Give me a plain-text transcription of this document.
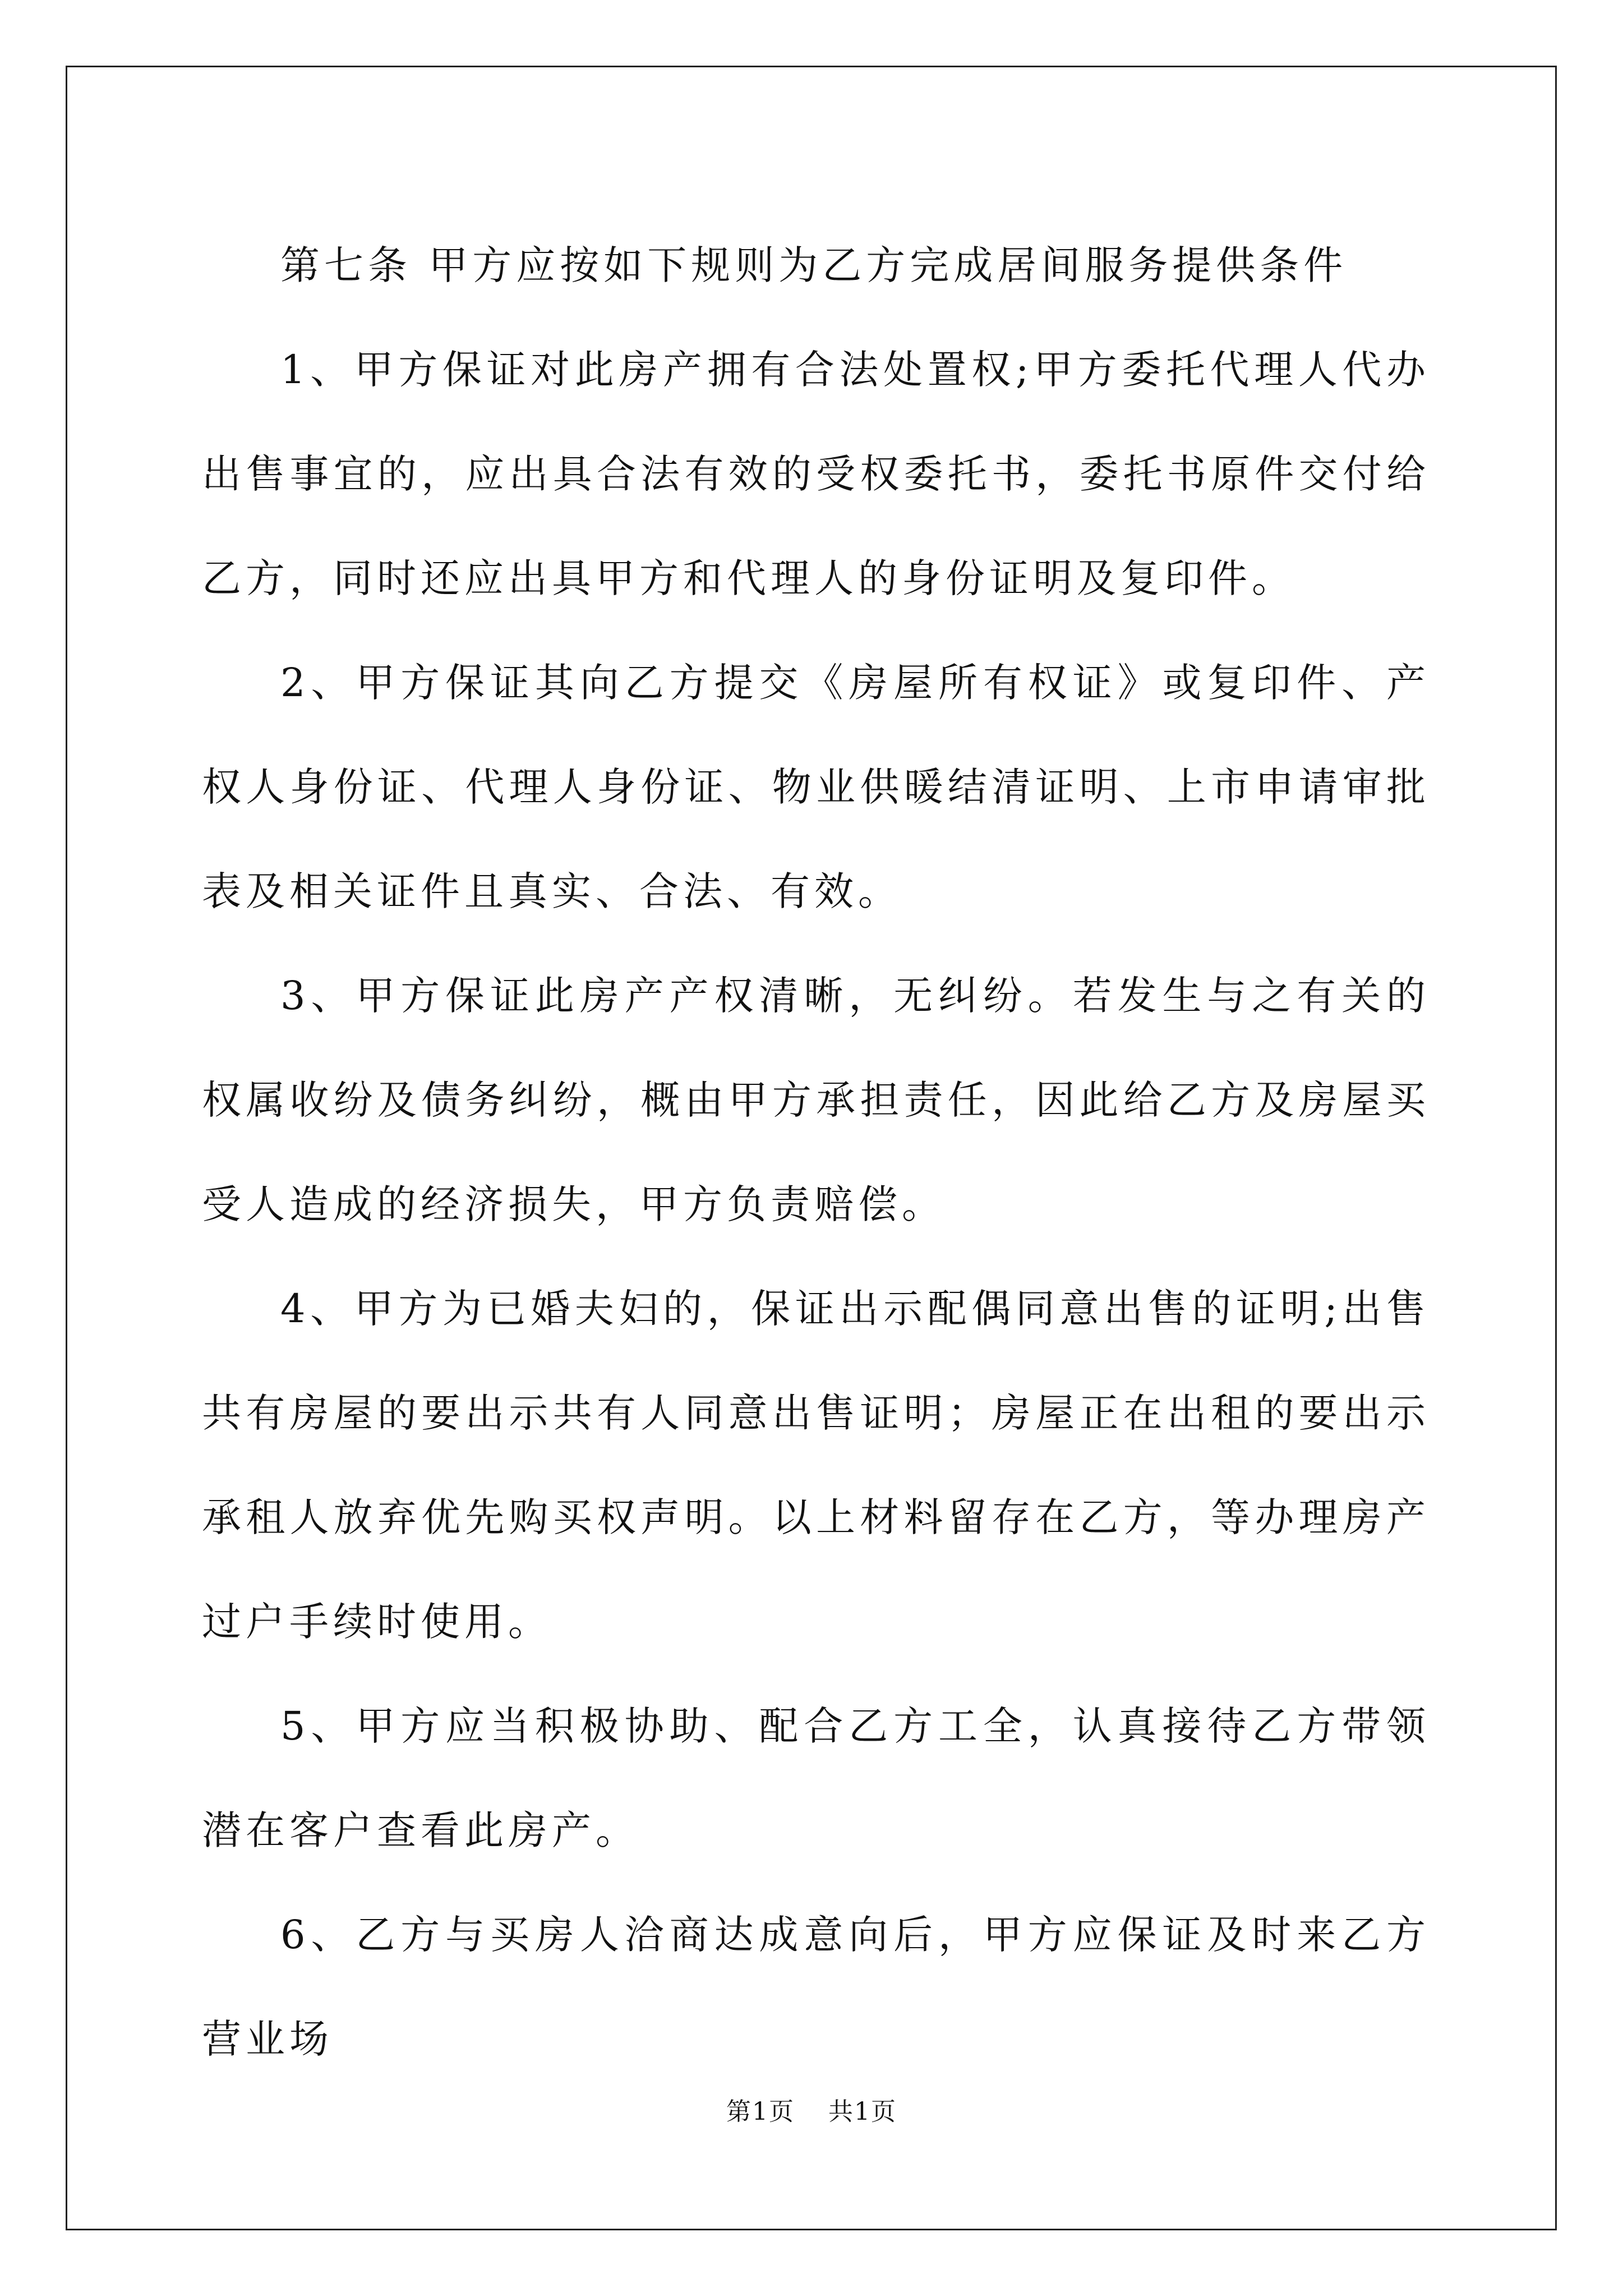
第七条 甲方应按如下规则为乙方完成居间服务提供条件

1、甲方保证对此房产拥有合法处置权;甲方委托代理人代办出售事宜的，应出具合法有效的受权委托书，委托书原件交付给乙方，同时还应出具甲方和代理人的身份证明及复印件。

2、甲方保证其向乙方提交《房屋所有权证》或复印件、产权人身份证、代理人身份证、物业供暖结清证明、上市申请审批表及相关证件且真实、合法、有效。

3、甲方保证此房产产权清晰，无纠纷。若发生与之有关的权属收纷及债务纠纷，概由甲方承担责任，因此给乙方及房屋买受人造成的经济损失，甲方负责赔偿。

4、甲方为已婚夫妇的，保证出示配偶同意出售的证明;出售共有房屋的要出示共有人同意出售证明；房屋正在出租的要出示承租人放弃优先购买权声明。以上材料留存在乙方，等办理房产过户手续时使用。

5、甲方应当积极协助、配合乙方工全，认真接待乙方带领潜在客户查看此房产。

6、乙方与买房人洽商达成意向后，甲方应保证及时来乙方营业场

第1页 共1页
